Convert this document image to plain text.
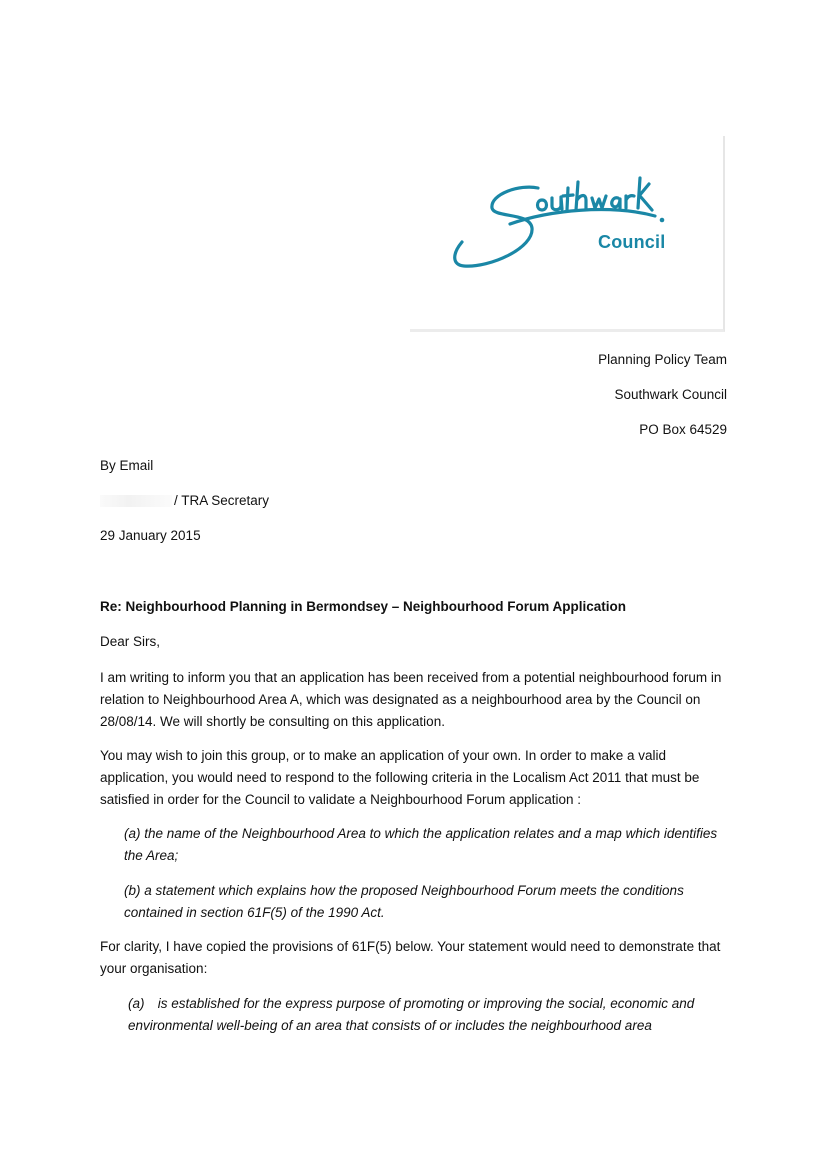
Council
Planning Policy Team
Southwark Council
PO Box 64529
By Email
/ TRA Secretary
29 January 2015
Re: Neighbourhood Planning in Bermondsey – Neighbourhood Forum Application
Dear Sirs,
I am writing to inform you that an application has been received from a potential neighbourhood forum in relation to Neighbourhood Area A, which was designated as a neighbourhood area by the Council on 28/08/14. We will shortly be consulting on this application.
You may wish to join this group, or to make an application of your own. In order to make a valid application, you would need to respond to the following criteria in the Localism Act 2011 that must be satisfied in order for the Council to validate a Neighbourhood Forum application :
(a) the name of the Neighbourhood Area to which the application relates and a map which identifies the Area;
(b) a statement which explains how the proposed Neighbourhood Forum meets the conditions contained in section 61F(5) of the 1990 Act.
For clarity, I have copied the provisions of 61F(5) below. Your statement would need to demonstrate that your organisation:
(a) is established for the express purpose of promoting or improving the social, economic and environmental well-being of an area that consists of or includes the neighbourhood area
